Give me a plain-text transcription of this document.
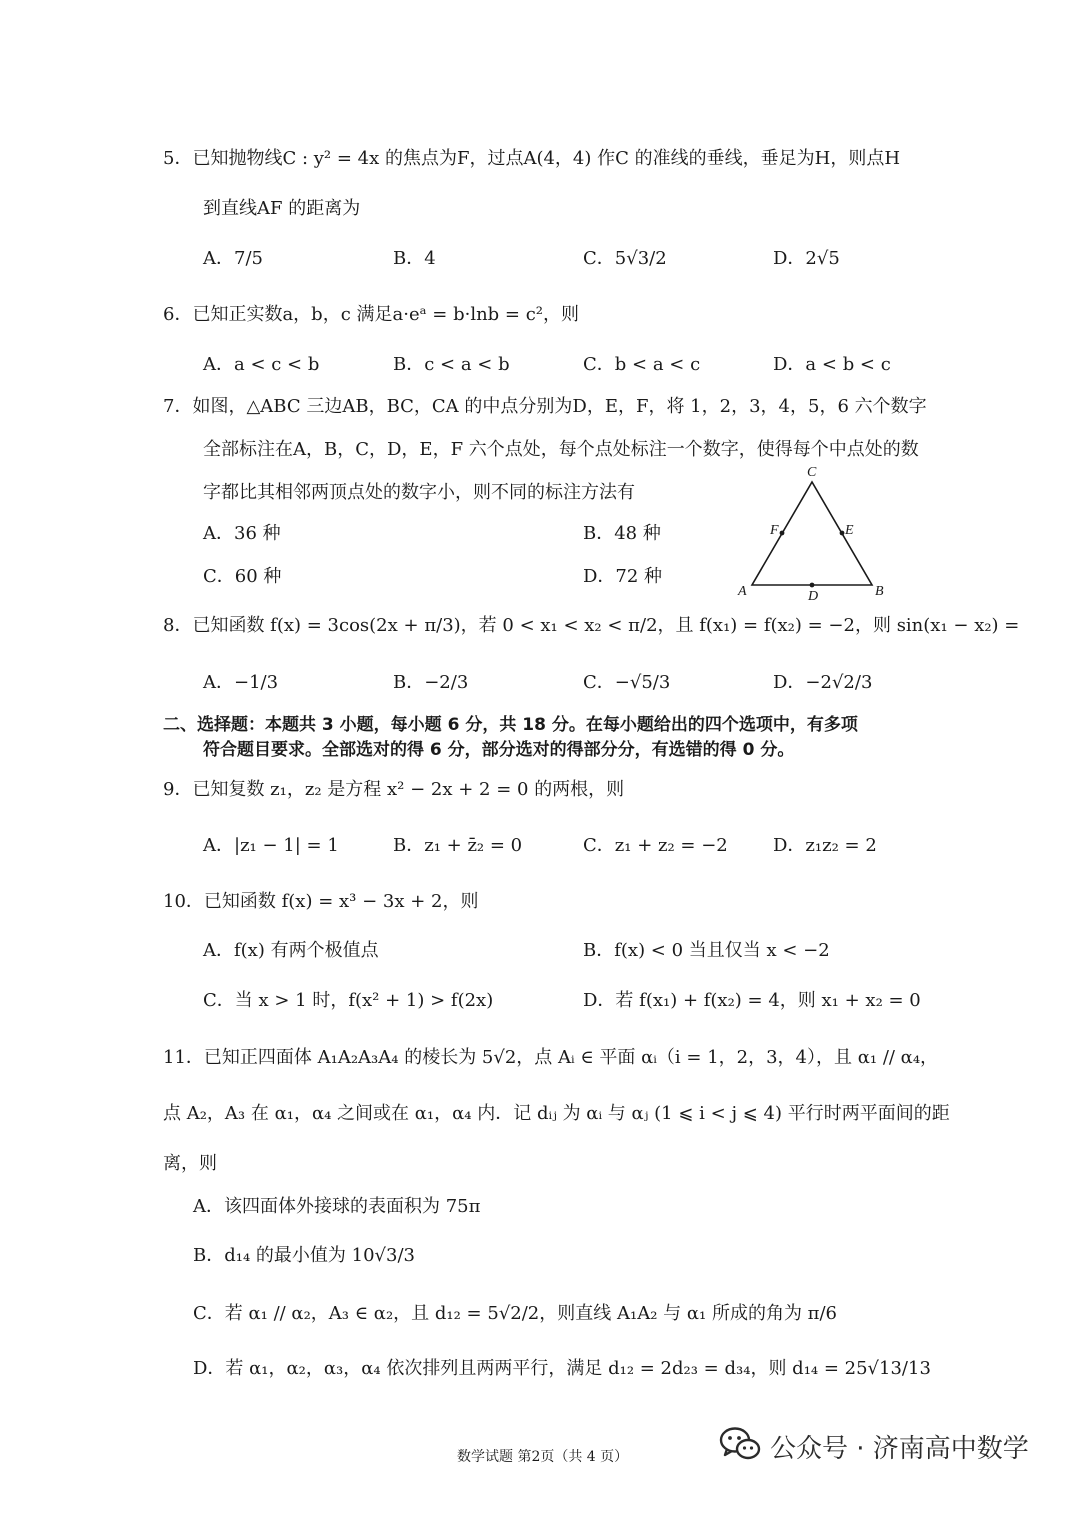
5．已知抛物线C : y² = 4x 的焦点为F，过点A(4，4) 作C 的准线的垂线，垂足为H，则点H
到直线AF 的距离为
A．7/5	B．4	C．5√3/2	D．2√5
6．已知正实数a，b，c 满足a·eᵃ = b·lnb = c²，则
A．a < c < b	B．c < a < b	C．b < a < c	D．a < b < c
7．如图，△ABC 三边AB，BC，CA 的中点分别为D，E，F，将 1，2，3，4，5，6 六个数字
全部标注在A，B，C，D，E，F 六个点处，每个点处标注一个数字，使得每个中点处的数
字都比其相邻两顶点处的数字小，则不同的标注方法有
A．36 种	B．48 种
C．60 种	D．72 种
C
A	B
D
E
F
8．已知函数 f(x) = 3cos(2x + π/3)，若 0 < x₁ < x₂ < π/2，且 f(x₁) = f(x₂) = −2，则 sin(x₁ − x₂) =
A．−1/3	B．−2/3	C．−√5/3	D．−2√2/3
二、选择题：本题共 3 小题，每小题 6 分，共 18 分。在每小题给出的四个选项中，有多项
符合题目要求。全部选对的得 6 分，部分选对的得部分分，有选错的得 0 分。
9．已知复数 z₁，z₂ 是方程 x² − 2x + 2 = 0 的两根，则
A．|z₁ − 1| = 1	B．z₁ + z̄₂ = 0	C．z₁ + z₂ = −2	D．z₁z₂ = 2
10．已知函数 f(x) = x³ − 3x + 2，则
A．f(x) 有两个极值点	B．f(x) < 0 当且仅当 x < −2
C．当 x > 1 时，f(x² + 1) > f(2x)	D．若 f(x₁) + f(x₂) = 4，则 x₁ + x₂ = 0
11．已知正四面体 A₁A₂A₃A₄ 的棱长为 5√2，点 Aᵢ ∈ 平面 αᵢ（i = 1，2，3，4），且 α₁ // α₄，
点 A₂，A₃ 在 α₁，α₄ 之间或在 α₁，α₄ 内．记 dᵢⱼ 为 αᵢ 与 αⱼ (1 ⩽ i < j ⩽ 4) 平行时两平面间的距
离，则
A．该四面体外接球的表面积为 75π
B．d₁₄ 的最小值为 10√3/3
C．若 α₁ // α₂，A₃ ∈ α₂，且 d₁₂ = 5√2/2，则直线 A₁A₂ 与 α₁ 所成的角为 π/6
D．若 α₁，α₂，α₃，α₄ 依次排列且两两平行，满足 d₁₂ = 2d₂₃ = d₃₄，则 d₁₄ = 25√13/13
数学试题 第2页（共 4 页）	公众号 · 济南高中数学
